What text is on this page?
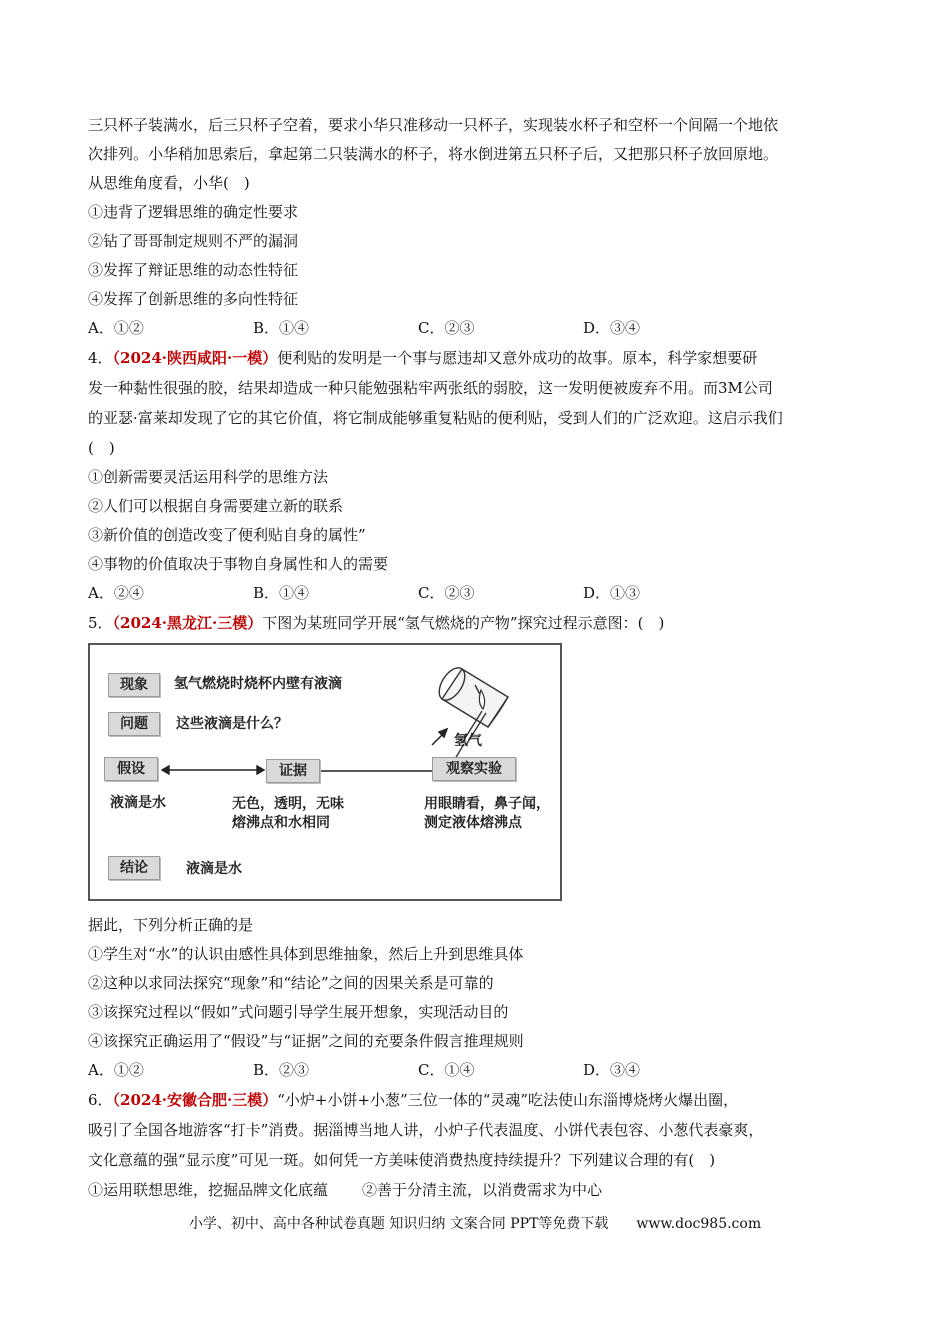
三只杯子装满水，后三只杯子空着，要求小华只准移动一只杯子，实现装水杯子和空杯一个间隔一个地依
次排列。小华稍加思索后，拿起第二只装满水的杯子，将水倒进第五只杯子后，又把那只杯子放回原地。
从思维角度看，小华(　)
①违背了逻辑思维的确定性要求
②钻了哥哥制定规则不严的漏洞
③发挥了辩证思维的动态性特征
④发挥了创新思维的多向性特征
A．①②	B．①④	C．②③	D．③④
4．（2024·陕西咸阳·一模）便利贴的发明是一个事与愿违却又意外成功的故事。原本，科学家想要研
发一种黏性很强的胶，结果却造成一种只能勉强粘牢两张纸的弱胶，这一发明便被废弃不用。而3M公司
的亚瑟·富莱却发现了它的其它价值，将它制成能够重复粘贴的便利贴，受到人们的广泛欢迎。这启示我们
(　)
①创新需要灵活运用科学的思维方法
②人们可以根据自身需要建立新的联系
③新价值的创造改变了便利贴自身的属性”
④事物的价值取决于事物自身属性和人的需要
A．②④	B．①④	C．②③	D．①③
5．（2024·黑龙江·三模）下图为某班同学开展“氢气燃烧的产物”探究过程示意图：(　)
现象	氢气燃烧时烧杯内壁有液滴
问题	这些液滴是什么？
氢气
假设	证据	观察实验
液滴是水	无色，透明，无味
熔沸点和水相同
用眼睛看，鼻子闻，
测定液体熔沸点
结论	液滴是水
据此，下列分析正确的是
①学生对“水”的认识由感性具体到思维抽象，然后上升到思维具体
②这种以求同法探究“现象”和“结论”之间的因果关系是可靠的
③该探究过程以“假如”式问题引导学生展开想象，实现活动目的
④该探究正确运用了“假设”与“证据”之间的充要条件假言推理规则
A．①②	B．②③	C．①④	D．③④
6．（2024·安徽合肥·三模）“小炉+小饼+小葱”三位一体的“灵魂”吃法使山东淄博烧烤火爆出圈，
吸引了全国各地游客“打卡”消费。据淄博当地人讲，小炉子代表温度、小饼代表包容、小葱代表豪爽，
文化意蕴的强“显示度”可见一斑。如何凭一方美味使消费热度持续提升？下列建议合理的有(　)
①运用联想思维，挖掘品牌文化底蕴 ②善于分清主流，以消费需求为中心
小学、初中、高中各种试卷真题 知识归纳 文案合同 PPT等免费下载　　www.doc985.com
